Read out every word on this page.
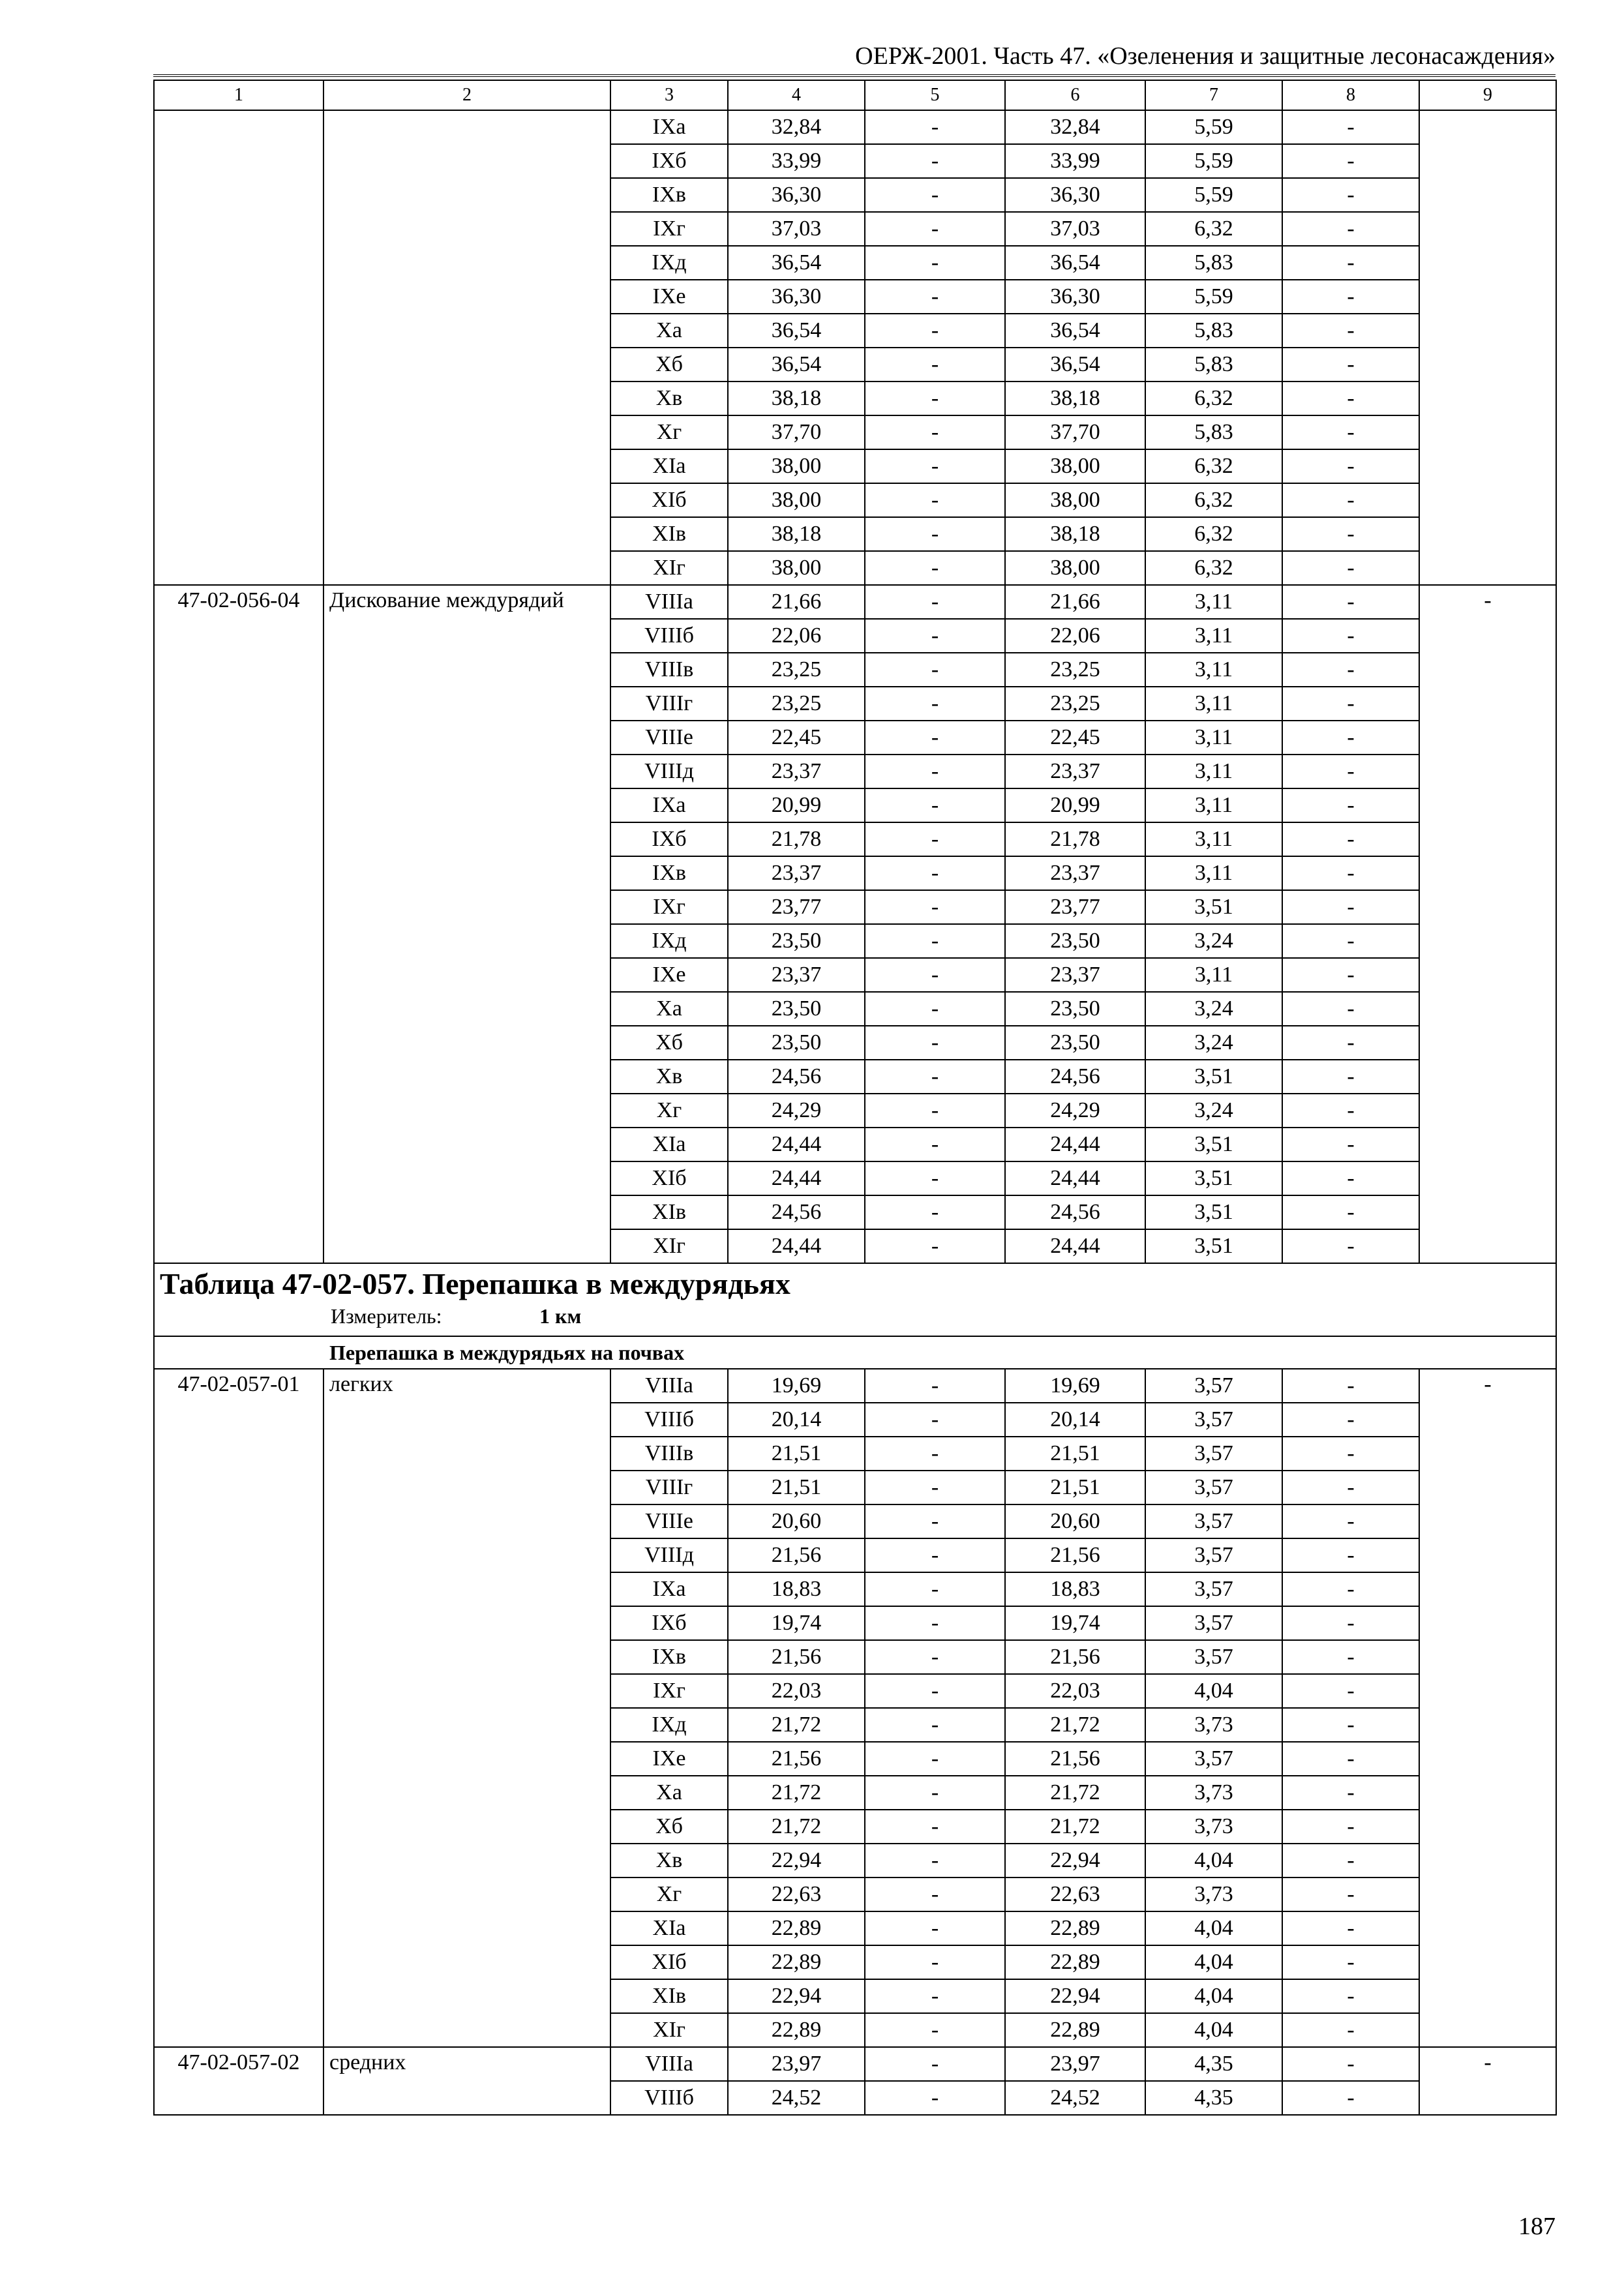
ОЕРЖ-2001. Часть 47. «Озеленения и защитные лесонасаждения»
1	2	3	4	5	6	7	8	9
		IXа	32,84	-	32,84	5,59	-	
		IXб	33,99	-	33,99	5,59	-	
		IXв	36,30	-	36,30	5,59	-	
		IXг	37,03	-	37,03	6,32	-	
		IXд	36,54	-	36,54	5,83	-	
		IXе	36,30	-	36,30	5,59	-	
		Xа	36,54	-	36,54	5,83	-	
		Xб	36,54	-	36,54	5,83	-	
		Xв	38,18	-	38,18	6,32	-	
		Xг	37,70	-	37,70	5,83	-	
		XIа	38,00	-	38,00	6,32	-	
		XIб	38,00	-	38,00	6,32	-	
		XIв	38,18	-	38,18	6,32	-	
		XIг	38,00	-	38,00	6,32	-	
47-02-056-04	Дискование междурядий	VIIIа	21,66	-	21,66	3,11	-	-
		VIIIб	22,06	-	22,06	3,11	-	
		VIIIв	23,25	-	23,25	3,11	-	
		VIIIг	23,25	-	23,25	3,11	-	
		VIIIе	22,45	-	22,45	3,11	-	
		VIIIд	23,37	-	23,37	3,11	-	
		IXа	20,99	-	20,99	3,11	-	
		IXб	21,78	-	21,78	3,11	-	
		IXв	23,37	-	23,37	3,11	-	
		IXг	23,77	-	23,77	3,51	-	
		IXд	23,50	-	23,50	3,24	-	
		IXе	23,37	-	23,37	3,11	-	
		Xа	23,50	-	23,50	3,24	-	
		Xб	23,50	-	23,50	3,24	-	
		Xв	24,56	-	24,56	3,51	-	
		Xг	24,29	-	24,29	3,24	-	
		XIа	24,44	-	24,44	3,51	-	
		XIб	24,44	-	24,44	3,51	-	
		XIв	24,56	-	24,56	3,51	-	
		XIг	24,44	-	24,44	3,51	-	

Таблица 47-02-057. Перепашка в междурядьях
Измеритель: 1 км								

Перепашка в междурядьях на почвах								
47-02-057-01	легких	VIIIа	19,69	-	19,69	3,57	-	-
		VIIIб	20,14	-	20,14	3,57	-	
		VIIIв	21,51	-	21,51	3,57	-	
		VIIIг	21,51	-	21,51	3,57	-	
		VIIIе	20,60	-	20,60	3,57	-	
		VIIIд	21,56	-	21,56	3,57	-	
		IXа	18,83	-	18,83	3,57	-	
		IXб	19,74	-	19,74	3,57	-	
		IXв	21,56	-	21,56	3,57	-	
		IXг	22,03	-	22,03	4,04	-	
		IXд	21,72	-	21,72	3,73	-	
		IXе	21,56	-	21,56	3,57	-	
		Xа	21,72	-	21,72	3,73	-	
		Xб	21,72	-	21,72	3,73	-	
		Xв	22,94	-	22,94	4,04	-	
		Xг	22,63	-	22,63	3,73	-	
		XIа	22,89	-	22,89	4,04	-	
		XIб	22,89	-	22,89	4,04	-	
		XIв	22,94	-	22,94	4,04	-	
		XIг	22,89	-	22,89	4,04	-	
47-02-057-02	средних	VIIIа	23,97	-	23,97	4,35	-	-
		VIIIб	24,52	-	24,52	4,35	-	
187
